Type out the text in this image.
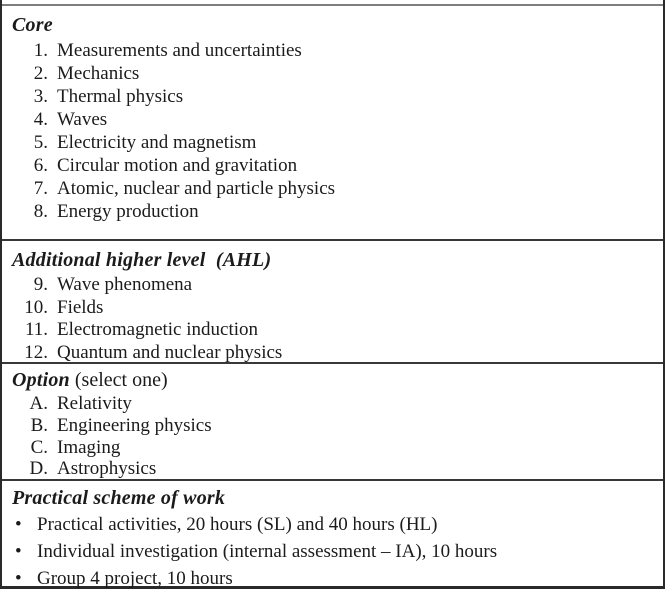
Core
1. Measurements and uncertainties
2. Mechanics
3. Thermal physics
4. Waves
5. Electricity and magnetism
6. Circular motion and gravitation
7. Atomic, nuclear and particle physics
8. Energy production
Additional higher level  (AHL)
9. Wave phenomena
10. Fields
11. Electromagnetic induction
12. Quantum and nuclear physics
Option (select one)
A. Relativity
B. Engineering physics
C. Imaging
D. Astrophysics
Practical scheme of work
• Practical activities, 20 hours (SL) and 40 hours (HL)
• Individual investigation (internal assessment – IA), 10 hours
• Group 4 project, 10 hours
